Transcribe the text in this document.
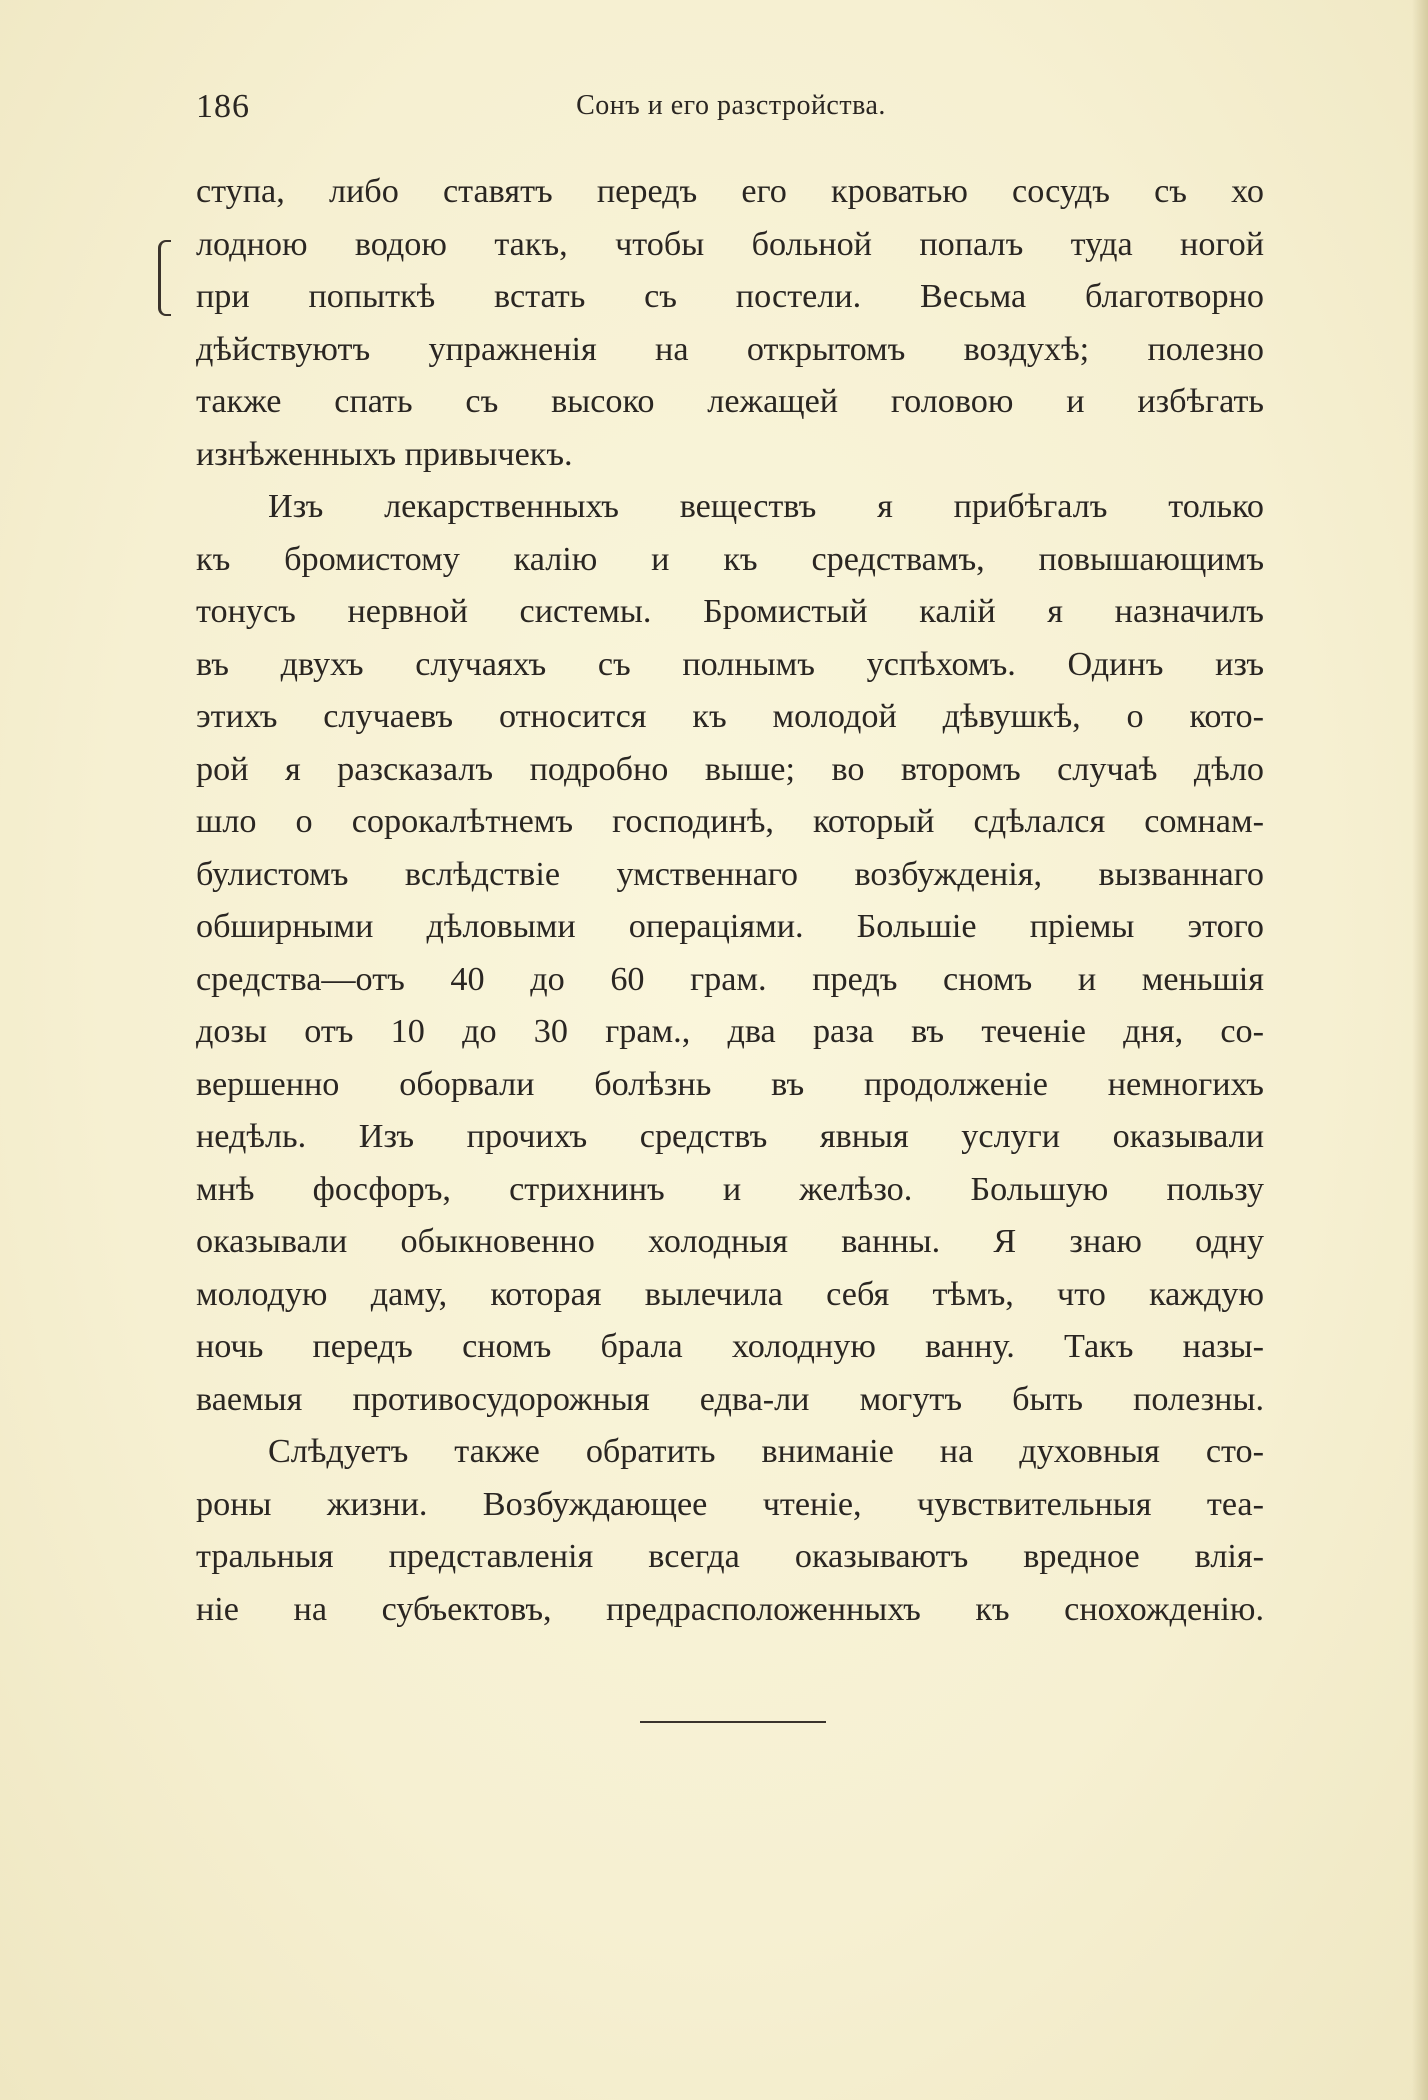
186	Сонъ и его разстройства.
ступа, либо ставятъ передъ его кроватью сосудъ съ хо
лодною водою такъ, чтобы больной попалъ туда ногой
при попыткѣ встать съ постели. Весьма благотворно
дѣйствуютъ упражненія на открытомъ воздухѣ; полезно
также спать съ высоко лежащей головою и избѣгать
изнѣженныхъ привычекъ.
Изъ лекарственныхъ веществъ я прибѣгалъ только
къ бромистому калію и къ средствамъ, повышающимъ
тонусъ нервной системы. Бромистый калій я назначилъ
въ двухъ случаяхъ съ полнымъ успѣхомъ. Одинъ изъ
этихъ случаевъ относится къ молодой дѣвушкѣ, о кото-
рой я разсказалъ подробно выше; во второмъ случаѣ дѣло
шло о сорокалѣтнемъ господинѣ, который сдѣлался сомнам-
булистомъ вслѣдствіе умственнаго возбужденія, вызваннаго
обширными дѣловыми операціями. Большіе пріемы этого
средства—отъ 40 до 60 грам. предъ сномъ и меньшія
дозы отъ 10 до 30 грам., два раза въ теченіе дня, со-
вершенно оборвали болѣзнь въ продолженіе немногихъ
недѣль. Изъ прочихъ средствъ явныя услуги оказывали
мнѣ фосфоръ, стрихнинъ и желѣзо. Большую пользу
оказывали обыкновенно холодныя ванны. Я знаю одну
молодую даму, которая вылечила себя тѣмъ, что каждую
ночь передъ сномъ брала холодную ванну. Такъ назы-
ваемыя противосудорожныя едва-ли могутъ быть полезны.
Слѣдуетъ также обратить вниманіе на духовныя сто-
роны жизни. Возбуждающее чтеніе, чувствительныя теа-
тральныя представленія всегда оказываютъ вредное влія-
ніе на субъектовъ, предрасположенныхъ къ снохожденію.
